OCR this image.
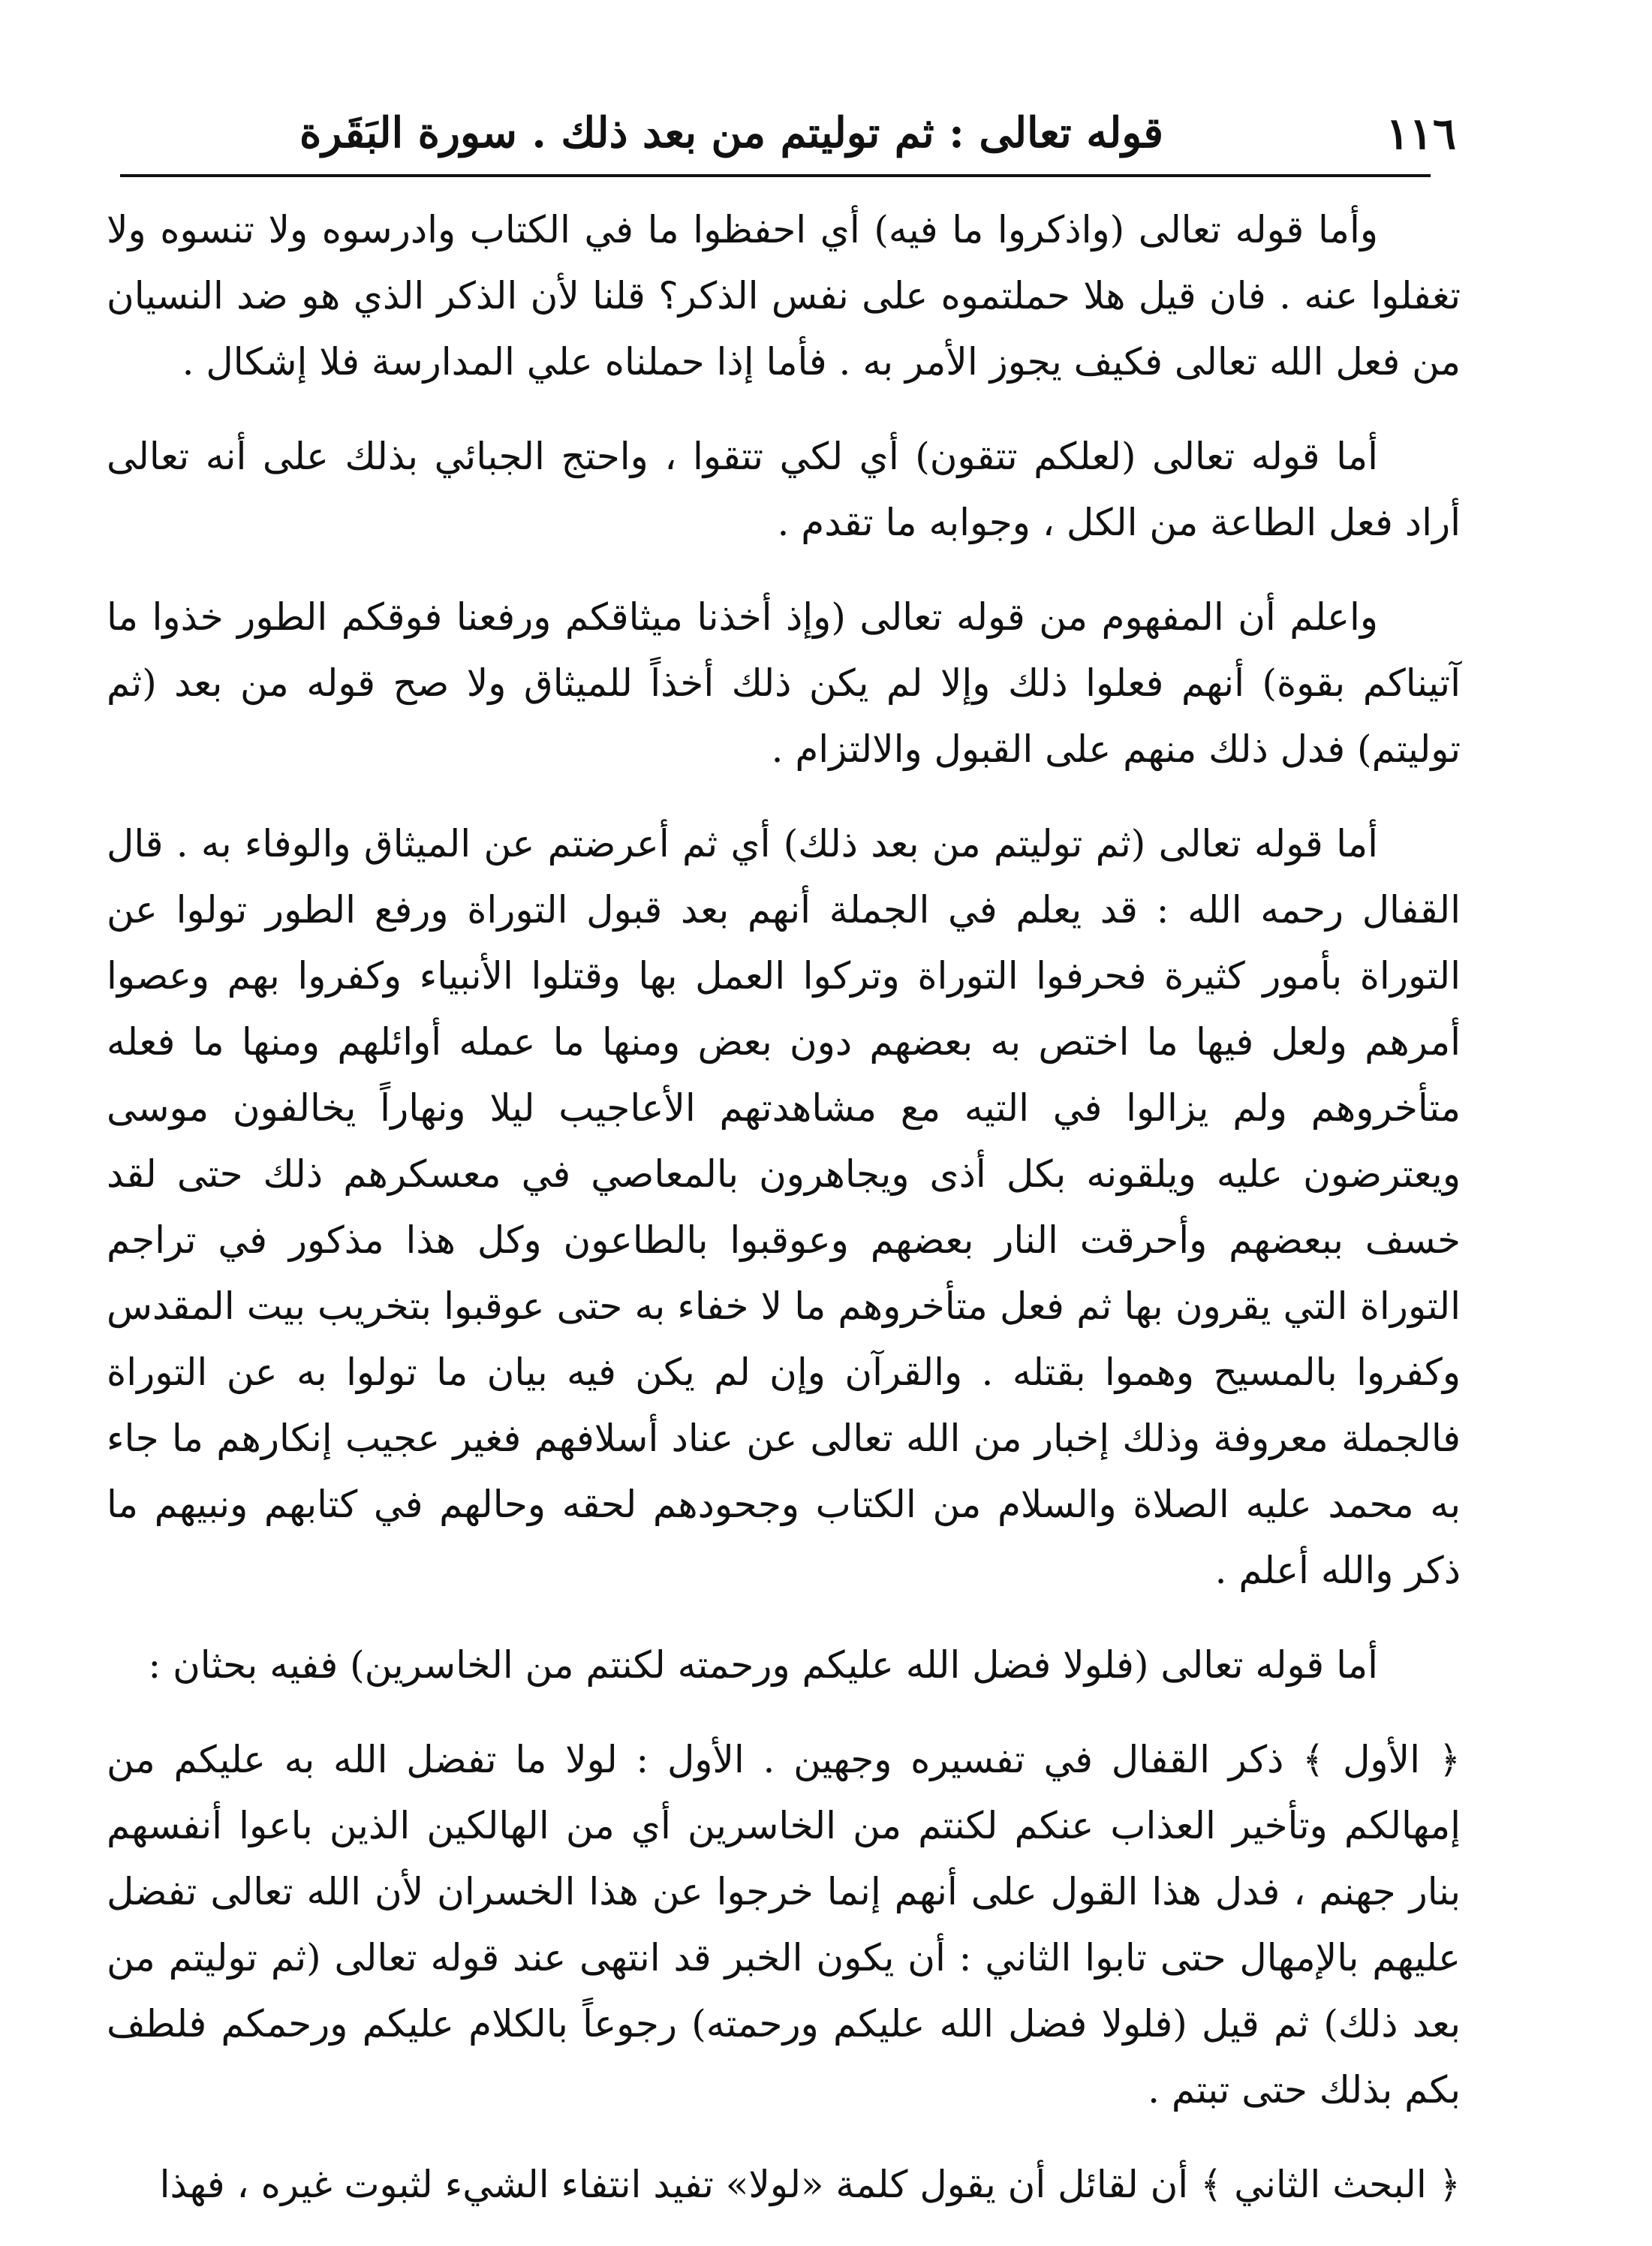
١١٦
قوله تعالى : ثم توليتم من بعد ذلك . سورة البَقَرة

وأما قوله تعالى (واذكروا ما فيه) أي احفظوا ما في الكتاب وادرسوه ولا تنسوه ولا تغفلوا عنه . فان قيل هلا حملتموه على نفس الذكر؟ قلنا لأن الذكر الذي هو ضد النسيان من فعل الله تعالى فكيف يجوز الأمر به . فأما إذا حملناه علي المدارسة فلا إشكال .

أما قوله تعالى (لعلكم تتقون) أي لكي تتقوا ، واحتج الجبائي بذلك على أنه تعالى أراد فعل الطاعة من الكل ، وجوابه ما تقدم .

واعلم أن المفهوم من قوله تعالى (وإذ أخذنا ميثاقكم ورفعنا فوقكم الطور خذوا ما آتيناكم بقوة) أنهم فعلوا ذلك وإلا لم يكن ذلك أخذاً للميثاق ولا صح قوله من بعد (ثم توليتم) فدل ذلك منهم على القبول والالتزام .

أما قوله تعالى (ثم توليتم من بعد ذلك) أي ثم أعرضتم عن الميثاق والوفاء به . قال القفال رحمه الله : قد يعلم في الجملة أنهم بعد قبول التوراة ورفع الطور تولوا عن التوراة بأمور كثيرة فحرفوا التوراة وتركوا العمل بها وقتلوا الأنبياء وكفروا بهم وعصوا أمرهم ولعل فيها ما اختص به بعضهم دون بعض ومنها ما عمله أوائلهم ومنها ما فعله متأخروهم ولم يزالوا في التيه مع مشاهدتهم الأعاجيب ليلا ونهاراً يخالفون موسى ويعترضون عليه ويلقونه بكل أذى ويجاهرون بالمعاصي في معسكرهم ذلك حتى لقد خسف ببعضهم وأحرقت النار بعضهم وعوقبوا بالطاعون وكل هذا مذكور في تراجم التوراة التي يقرون بها ثم فعل متأخروهم ما لا خفاء به حتى عوقبوا بتخريب بيت المقدس وكفروا بالمسيح وهموا بقتله . والقرآن وإن لم يكن فيه بيان ما تولوا به عن التوراة فالجملة معروفة وذلك إخبار من الله تعالى عن عناد أسلافهم فغير عجيب إنكارهم ما جاء به محمد عليه الصلاة والسلام من الكتاب وجحودهم لحقه وحالهم في كتابهم ونبيهم ما ذكر والله أعلم .

أما قوله تعالى (فلولا فضل الله عليكم ورحمته لكنتم من الخاسرين) ففيه بحثان :

﴿ الأول ﴾ ذكر القفال في تفسيره وجهين . الأول : لولا ما تفضل الله به عليكم من إمهالكم وتأخير العذاب عنكم لكنتم من الخاسرين أي من الهالكين الذين باعوا أنفسهم بنار جهنم ، فدل هذا القول على أنهم إنما خرجوا عن هذا الخسران لأن الله تعالى تفضل عليهم بالإمهال حتى تابوا الثاني : أن يكون الخبر قد انتهى عند قوله تعالى (ثم توليتم من بعد ذلك) ثم قيل (فلولا فضل الله عليكم ورحمته) رجوعاً بالكلام عليكم ورحمكم فلطف بكم بذلك حتى تبتم .

﴿ البحث الثاني ﴾ أن لقائل أن يقول كلمة «لولا» تفيد انتفاء الشيء لثبوت غيره ، فهذا
